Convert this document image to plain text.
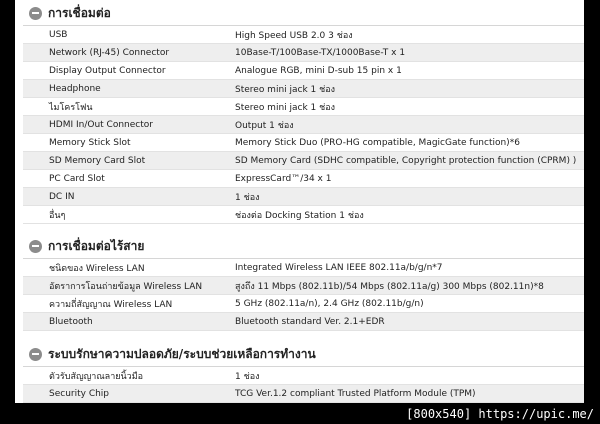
การเชื่อมต่อ
USB	High Speed USB 2.0 3 ช่อง
Network (RJ-45) Connector	10Base-T/100Base-TX/1000Base-T x 1
Display Output Connector	Analogue RGB, mini D-sub 15 pin x 1
Headphone	Stereo mini jack 1 ช่อง
ไมโครโฟน	Stereo mini jack 1 ช่อง
HDMI In/Out Connector	Output 1 ช่อง
Memory Stick Slot	Memory Stick Duo (PRO-HG compatible, MagicGate function)*6
SD Memory Card Slot	SD Memory Card (SDHC compatible, Copyright protection function (CPRM) )
PC Card Slot	ExpressCard™/34 x 1
DC IN	1 ช่อง
อื่นๆ	ช่องต่อ Docking Station 1 ช่อง
การเชื่อมต่อไร้สาย
ชนิดของ Wireless LAN	Integrated Wireless LAN IEEE 802.11a/b/g/n*7
อัตราการโอนถ่ายข้อมูล Wireless LAN	สูงถึง 11 Mbps (802.11b)/54 Mbps (802.11a/g) 300 Mbps (802.11n)*8
ความถี่สัญญาณ Wireless LAN	5 GHz (802.11a/n), 2.4 GHz (802.11b/g/n)
Bluetooth	Bluetooth standard Ver. 2.1+EDR
ระบบรักษาความปลอดภัย/ระบบช่วยเหลือการทำงาน
ตัวรับสัญญาณลายนิ้วมือ	1 ช่อง
Security Chip	TCG Ver.1.2 compliant Trusted Platform Module (TPM)
[800x540] https://upic.me/
